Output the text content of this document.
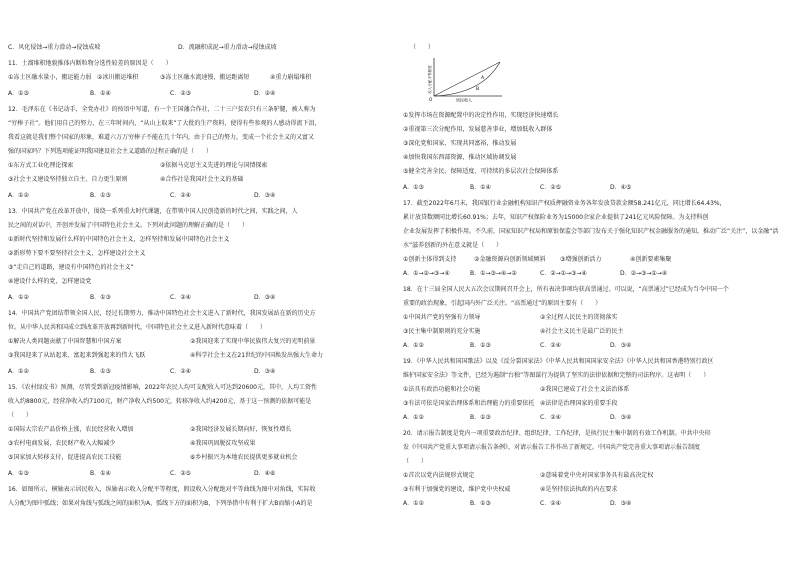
C．风化侵蚀→重力滑动→侵蚀成坡	D．流融积成泥→重力滑动→侵蚀成坡
11．土溜堆积地貌推体内断粒物分选性较差的原因是（　　）
①冻土区融水量小，搬运能力弱 ②冰川搬运堆积	③冻土区融水流速慢，搬运距离短	④重力崩塌堆积
A．①③	B．①④	C．②③	D．②④
12．毛泽东在《书记动手，全党办社》的按语中写道，有一个王国藩合作社，二十三户贫农只有三条驴腿，被人称为
“穷棒子社”。他们用自己的努力，在三年时间内，“从山上取来”了大批的生产资料，使得有些参观的人感动得流下泪，
我看这就是我们整个国家的形象，难道六万万穷棒子不能在几十年内，由于自己的努力，变成一个社会主义的又富又
强的国家吗？下列选项能证明我国建设社会主义道路的过程正确的是（　　）
①东方式工业化理论探索	②依据马克思主义先进的理论与国情探索
③社会主义建设坚持独立自主、自力更生原则	④合作社是我国社会主义的基础
A．①②	B．①③	C．②④	D．③④
13．中国共产党在改革开放中，围绕一系列重大时代课题，在带领中国人民创造新的时代之间，实践之间，人
民之间的对话中，开创并发展了中国特色社会主义。下列对此问题的理解正确的是（　　）
①新时代坚持和发展什么样的中国特色社会主义，怎样坚持和发展中国特色社会主义
②新形势下要不要坚持社会主义，怎样建设社会主义
③“走自己的道路，建设有中国特色的社会主义”
④建设什么样的党，怎样建设党
A．①②	B．①③	C．②④	D．③④
14．中国共产党团结带领全国人民，经过长期努力，推动中国特色社会主义进入了新时代，我国发展站在新的历史方
位。从中华人民共和国成立到改革开放再到新时代，中国特色社会主义进入新时代意味着（　　）
①解决人类问题贡献了中国智慧和中国方案	②我国迎来了实现中华民族伟大复兴的光明前景
③我国迎来了从站起来、富起来到强起来的伟大飞跃	④科学社会主义在21世纪的中国焕发出强大生命力
A．①②	B．①③	C．②④	D．③④
15．《农村绿皮书》预测，尽管受到新冠疫情影响，2022年农民人均可支配收入可达到20600元，其中，人均工资性
收入约8800元，经营净收入约7100元，财产净收入约500元，转移净收入约4200元，基于这一预测的依据可能是
（　　）
①国际大宗农产品价格上涨，农民经营收入增加	②我国经济发展长期向好，恢复性增长
③农村电商发展，农民财产收入大幅减少	④我国巩固脱贫攻坚成果
⑤国家加大转移支付，促进提高农民工技能	⑥乡村振兴为本地农民提供更多就业机会
A．①③	B．①④	C．②⑤	D．④⑥
16．如图所示，横轴表示居民收入，纵轴表示收入分配平等程度，假设收入分配绝对平等曲线为图中对角线，实际收
入分配为图中弧线；如果对角线与弧线之间的面积为A，弧线下方的面积为B，下列举措中有利于扩大B而缩小A的是
（　　）
①发挥市场在资源配置中的决定性作用，实现经济快速增长
②重视第三次分配作用，发展慈善事业，增加低收入群体
③深化党和国家，实现共同富裕，推动发展
④加快我国东西部资源，推动区域协调发展
⑤健全完善全民、保障适度、可持续的多层次社会保障体系
A．①③	B．①④	C．②⑤	D．④⑤
17．截至2022年6月末，我国银行业金融机构知识产权质押融资业务各年发放贷款金额58.241亿元，同比增长64.43%，
累计放贷数额同比增长60.91%；去年，知识产权保险业务为15000余家企业提供了241亿元风险保障。为支持科创
企业发展发挥了积极作用。不久前，国家知识产权局和原银保监会等部门发布关于强化知识产权金融服务的通知，推动广泛“关注”，以金融“活
水”滋养创新的外在意义就是（　　）
①创新主体得到支持	②金融资源向创新领域倾斜 ③增强创新活力	④创新要素集聚
A．①→②→③→④	B．①→③→④→②	C．②→①→③→④	D．②→③→①→④
18．在十三届全国人民大五次会议期间召开会上，所有表决事项均获高票通过。可以说，“高票通过”已经成为当今中国一个
重要的政治现象，引起国内外广泛关注。“高票通过”的原因主要有（　　）
①中国共产党的坚强有力领导	②全过程人民民主的贯彻落实
③民主集中制原则的充分实施	④社会主义民主是最广泛的民主
A．①②	B．①③	C．②④	D．③④
19．《中华人民共和国国歌法》以及《反分裂国家法》《中华人民共和国国家安全法》《中华人民共和国香港特别行政区
维护国家安全法》等文件，已经为遏制“台独”等图谋行为提供了坚实的法律依据和完整的司法程序。这表明（　　）
①法具有政治功能和社会功能	②我国已建成了社会主义法治体系
③有法可依是国家治理体系和治理能力的重要依托 ④法律是治理国家的重要手段
A．①②	B．①③	C．②④	D．③④
20．请示报告制度是党内一项重要政治纪律、组织纪律、工作纪律，是执行民主集中制的有效工作机制。中共中央印
发《中国共产党重大事项请示报告条例》，对请示报告工作作出了新规定。中国共产党完善重大事项请示报告制度
（　　）
①首次以党内法规形式规定	②意味着党中央对国家事务具有最高决定权
③有利于加强党的建设，维护党中央权威	④是坚持依法执政的内在要求
A．①②	B．①③	C．②④	D．③④
A
B
O	居民收入
收入分配平等程度
